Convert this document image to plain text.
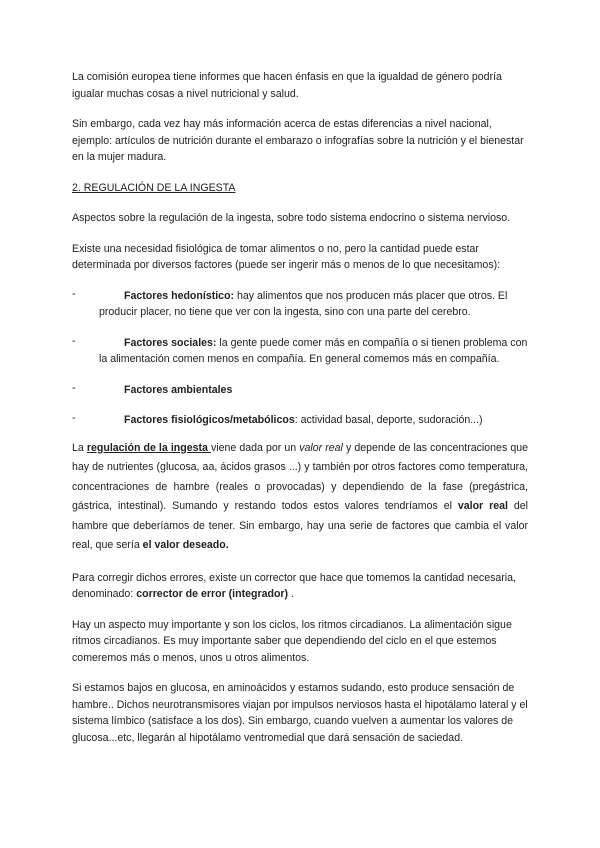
La comisión europea tiene informes que hacen énfasis en que la igualdad de género podría igualar muchas cosas a nivel nutricional y salud.

Sin embargo, cada vez hay más información acerca de estas diferencias a nivel nacional, ejemplo: artículos de nutrición durante el embarazo o infografías sobre la nutrición y el bienestar en la mujer madura.

2. REGULACIÓN DE LA INGESTA

Aspectos sobre la regulación de la ingesta, sobre todo sistema endocrino o sistema nervioso.

Existe una necesidad fisiológica de tomar alimentos o no, pero la cantidad puede estar determinada por diversos factores (puede ser ingerir más o menos de lo que necesitamos):

-	Factores hedonístico: hay alimentos que nos producen más placer que otros. El producir placer, no tiene que ver con la ingesta, sino con una parte del cerebro.
-	Factores sociales: la gente puede comer más en compañía o si tienen problema con la alimentación comen menos en compañía. En general comemos más en compañía.
-	Factores ambientales
-	Factores fisiológicos/metabólicos: actividad basal, deporte, sudoración...)

La regulación de la ingesta viene dada por un valor real y depende de las concentraciones que hay de nutrientes (glucosa, aa, ácidos grasos ...) y también por otros factores como temperatura, concentraciones de hambre (reales o provocadas) y dependiendo de la fase (pregástrica, gástrica, intestinal). Sumando y restando todos estos valores tendríamos el valor real del hambre que deberíamos de tener. Sin embargo, hay una serie de factores que cambia el valor real, que sería el valor deseado.

Para corregir dichos errores, existe un corrector que hace que tomemos la cantidad necesaria, denominado: corrector de error (integrador) .

Hay un aspecto muy importante y son los ciclos, los ritmos circadianos. La alimentación sigue ritmos circadianos. Es muy importante saber que dependiendo del ciclo en el que estemos comeremos más o menos, unos u otros alimentos.

Si estamos bajos en glucosa, en aminoácidos y estamos sudando, esto produce sensación de hambre.. Dichos neurotransmisores viajan por impulsos nerviosos hasta el hipotálamo lateral y el sistema límbico (satisface a los dos). Sin embargo, cuando vuelven a aumentar los valores de glucosa...etc, llegarán al hipotálamo ventromedial que dará sensación de saciedad.
